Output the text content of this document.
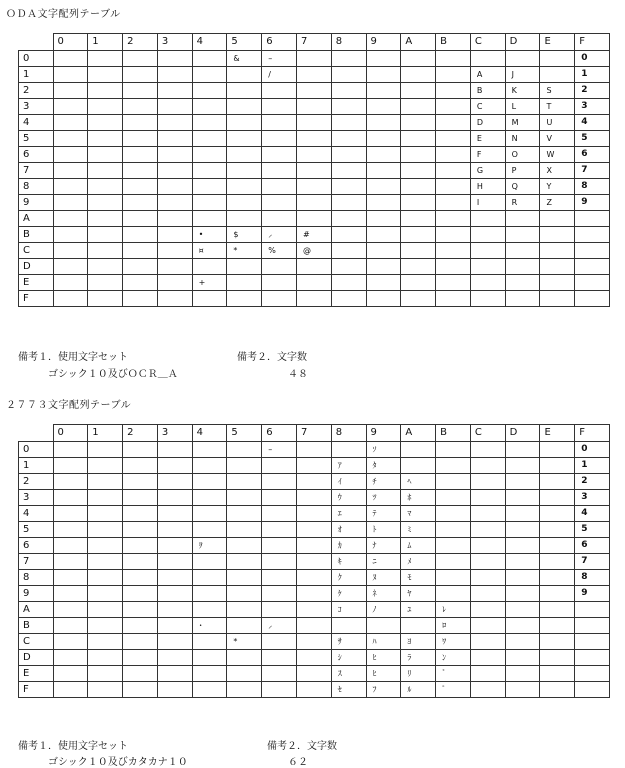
ＯＤＡ文字配列テーブル
	0	1	2	3	4	5	6	7	8	9	A	B	C	D	E	F
0						&	–									0
1							/						A	J		1
2													B	K	S	2
3													C	L	T	3
4													D	M	U	4
5													E	N	V	5
6													F	O	W	6
7													G	P	X	7
8													H	Q	Y	8
9													I	R	Z	9
A																
B					•	$	⸝	#								
C					¤	*	%	@								
D																
E					+											
F																
備考１．使用文字セット
ゴシック１０及びＯＣＲ＿Ａ
備考２．文字数
４８
２７７３文字配列テーブル
	0	1	2	3	4	5	6	7	8	9	A	B	C	D	E	F
0							–			ｿ						0
1									ｱ	ﾀ						1
2									ｲ	ﾁ	ﾍ					2
3									ｳ	ﾂ	ﾎ					3
4									ｴ	ﾃ	ﾏ					4
5									ｵ	ﾄ	ﾐ					5
6					ｦ				ｶ	ﾅ	ﾑ					6
7									ｷ	ﾆ	ﾒ					7
8									ｸ	ﾇ	ﾓ					8
9									ｹ	ﾈ	ﾔ					9
A									ｺ	ﾉ	ﾕ	ﾚ				
B					･		⸝					ﾛ				
C						*			ｻ	ﾊ	ﾖ	ﾜ				
D									ｼ	ﾋ	ﾗ	ﾝ				
E									ｽ	ﾋ	ﾘ	ﾞ				
F									ｾ	ﾌ	ﾙ	ﾟ				
備考１．使用文字セット
ゴシック１０及びカタカナ１０
備考２．文字数
６２
